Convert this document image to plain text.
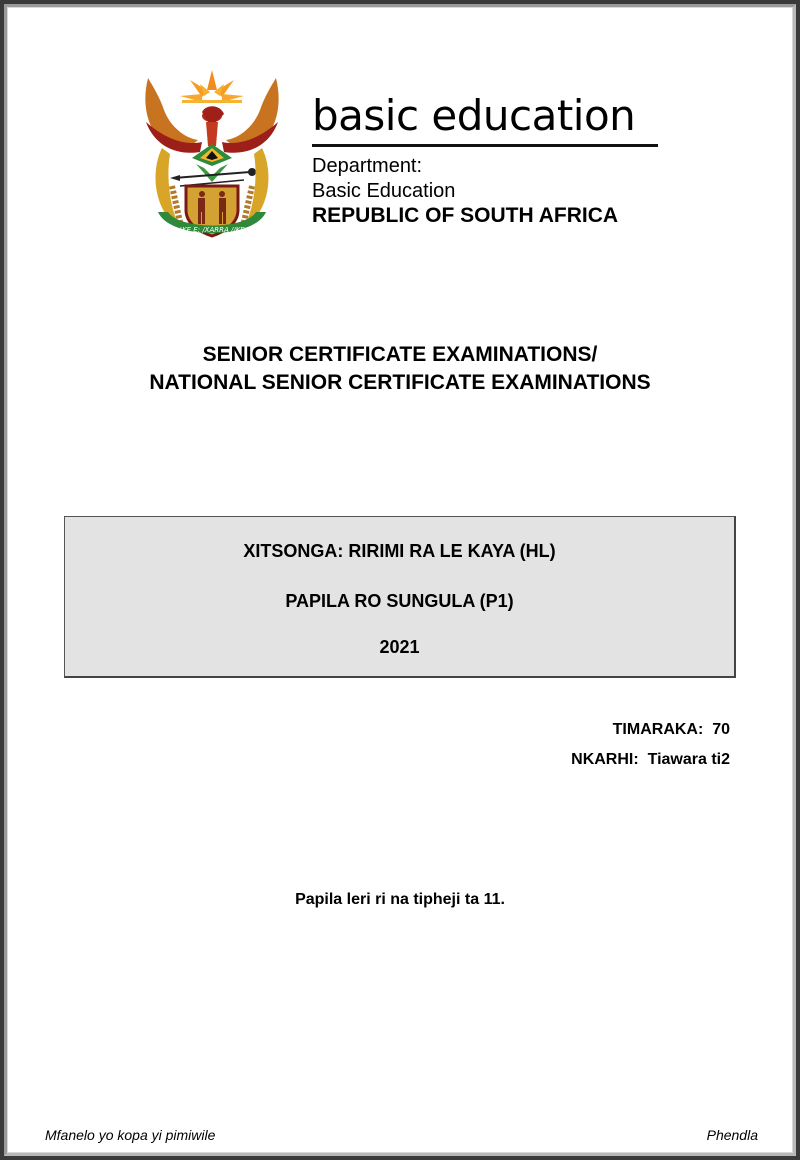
!KE E: /XARRA //KE
basic education
Department:
Basic Education
REPUBLIC OF SOUTH AFRICA
SENIOR CERTIFICATE EXAMINATIONS/
NATIONAL SENIOR CERTIFICATE EXAMINATIONS
XITSONGA: RIRIMI RA LE KAYA (HL)
PAPILA RO SUNGULA (P1)
2021
TIMARAKA:  70
NKARHI:  Tiawara ti2
Papila leri ri na tipheji ta 11.
Mfanelo yo kopa yi pimiwile	Phendla
